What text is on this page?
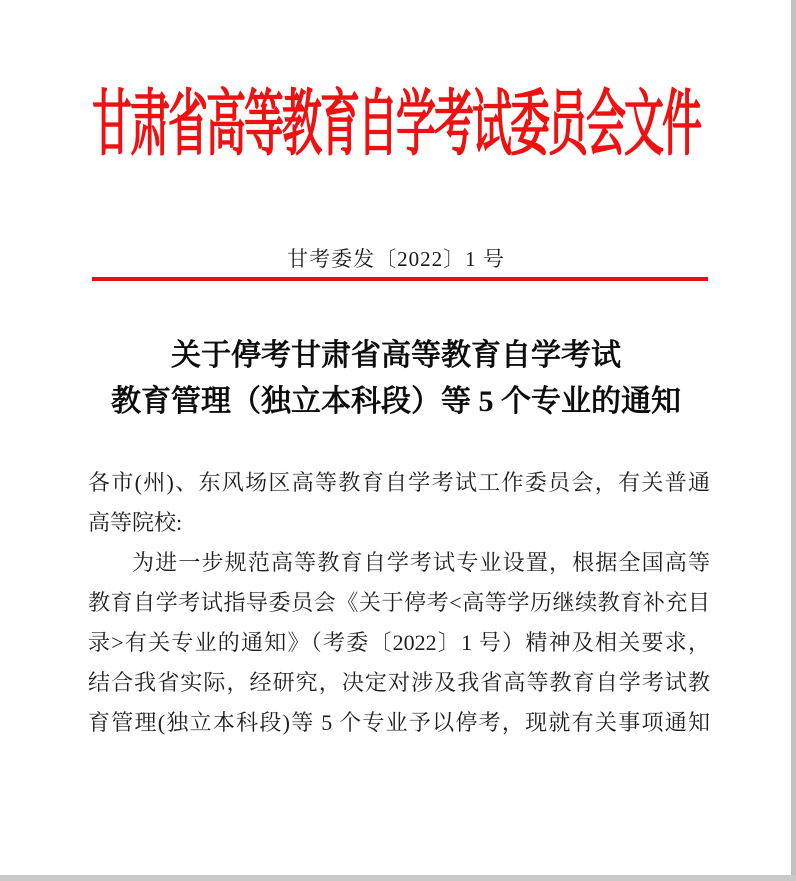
甘肃省高等教育自学考试委员会文件
甘考委发〔2022〕1 号
关于停考甘肃省高等教育自学考试
教育管理（独立本科段）等 5 个专业的通知
各市(州)、东风场区高等教育自学考试工作委员会，有关普通
高等院校:
为进一步规范高等教育自学考试专业设置，根据全国高等
教育自学考试指导委员会《关于停考<高等学历继续教育补充目
录>有关专业的通知》（考委〔2022〕1 号）精神及相关要求，
结合我省实际，经研究，决定对涉及我省高等教育自学考试教
育管理(独立本科段)等 5 个专业予以停考，现就有关事项通知
